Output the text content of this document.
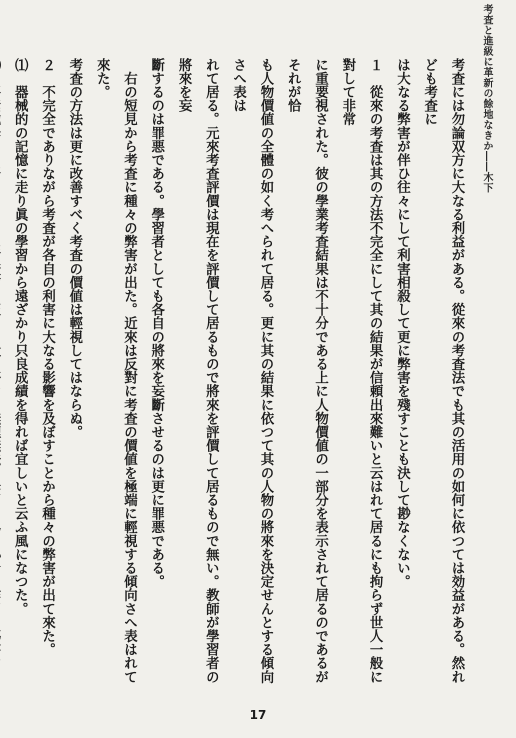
考査と進級に革新の餘地なきか――木下

考査には勿論双方に大なる利益がある。從來の考査法でも其の活用の如何に依つては効益がある。然れども考査に

は大なる弊害が伴ひ往々にして利害相殺して更に弊害を殘すことも決して尠なくない。

１　從來の考査は其の方法不完全にして其の結果が信頼出來難いと云はれて居るにも拘らず世人一般に對して非常

に重要視された。彼の學業考査結果は不十分である上に人物價値の一部分を表示されて居るのであるがそれが恰

も人物價値の全體の如く考へられて居る。更に其の結果に依つて其の人物の將來を決定せんとする傾向さへ表は

れて居る。元來考査評價は現在を評價して居るもので將來を評價して居るもので無い。教師が學習者の將來を妄

斷するのは罪悪である。學習者としても各自の將來を妄斷させるのは更に罪悪である。

　右の短見から考査に種々の弊害が出た。近來は反對に考査の價値を極端に輕視する傾向さへ表はれて來た。

考査の方法は更に改善すべく考査の價値は輕視してはならぬ。

２　不完全でありながら考査が各自の利害に大なる影響を及ぼすことから種々の弊害が出て來た。

⑴　器械的の記憶に走り眞の學習から遠ざかり只良成績を得れば宜しいと云ふ風になつた。

17
